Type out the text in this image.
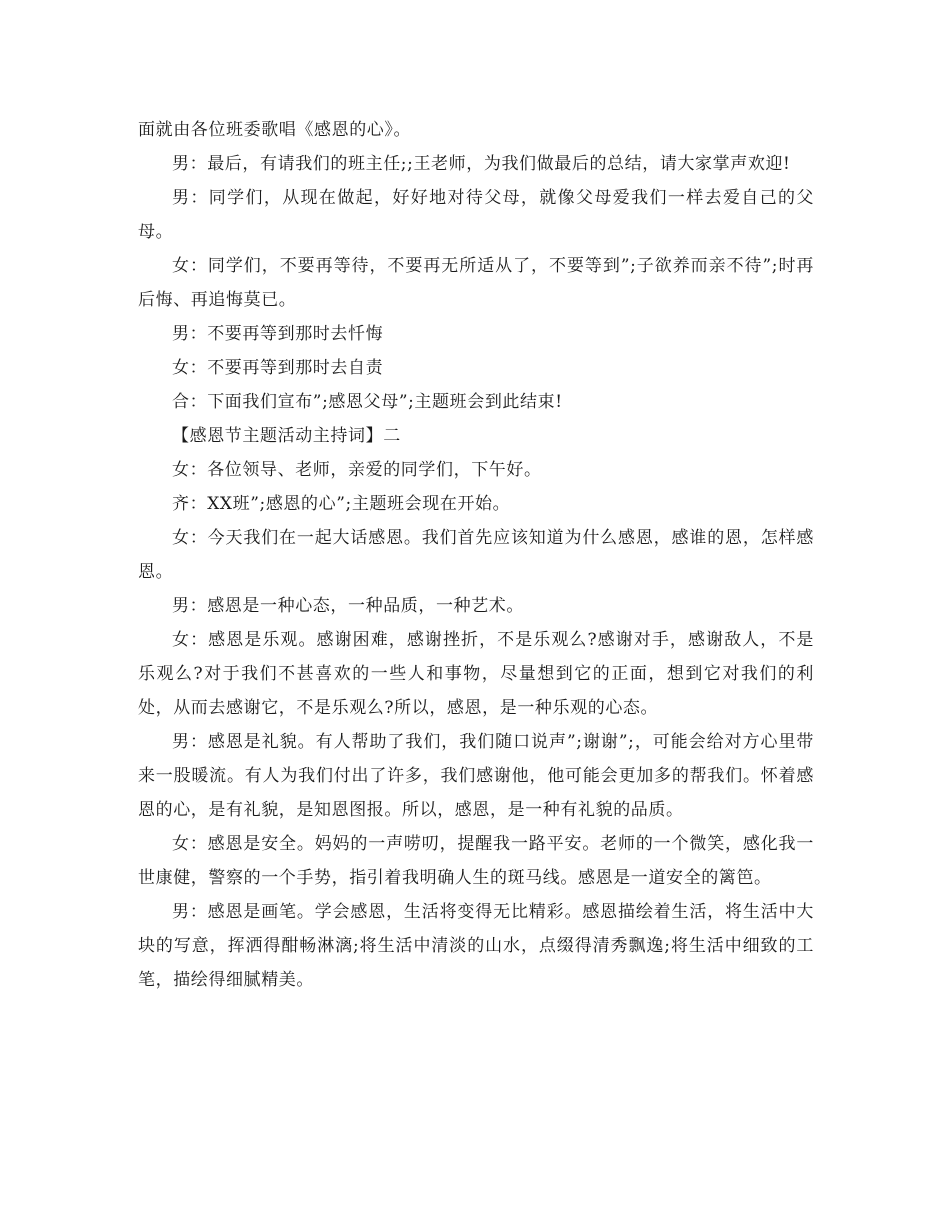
面就由各位班委歌唱《感恩的心》。

男：最后，有请我们的班主任;;王老师，为我们做最后的总结，请大家掌声欢迎!

男：同学们，从现在做起，好好地对待父母，就像父母爱我们一样去爱自己的父母。

女：同学们，不要再等待，不要再无所适从了，不要等到”;子欲养而亲不待”;时再后悔、再追悔莫已。

男：不要再等到那时去忏悔

女：不要再等到那时去自责

合：下面我们宣布”;感恩父母”;主题班会到此结束!

【感恩节主题活动主持词】二

女：各位领导、老师，亲爱的同学们，下午好。

齐：XX班”;感恩的心”;主题班会现在开始。

女：今天我们在一起大话感恩。我们首先应该知道为什么感恩，感谁的恩，怎样感恩。

男：感恩是一种心态，一种品质，一种艺术。

女：感恩是乐观。感谢困难，感谢挫折，不是乐观么?感谢对手，感谢敌人，不是乐观么?对于我们不甚喜欢的一些人和事物，尽量想到它的正面，想到它对我们的利处，从而去感谢它，不是乐观么?所以，感恩，是一种乐观的心态。

男：感恩是礼貌。有人帮助了我们，我们随口说声”;谢谢”;，可能会给对方心里带来一股暖流。有人为我们付出了许多，我们感谢他，他可能会更加多的帮我们。怀着感恩的心，是有礼貌，是知恩图报。所以，感恩，是一种有礼貌的品质。

女：感恩是安全。妈妈的一声唠叨，提醒我一路平安。老师的一个微笑，感化我一世康健，警察的一个手势，指引着我明确人生的斑马线。感恩是一道安全的篱笆。

男：感恩是画笔。学会感恩，生活将变得无比精彩。感恩描绘着生活，将生活中大块的写意，挥洒得酣畅淋漓;将生活中清淡的山水，点缀得清秀飘逸;将生活中细致的工笔，描绘得细腻精美。
